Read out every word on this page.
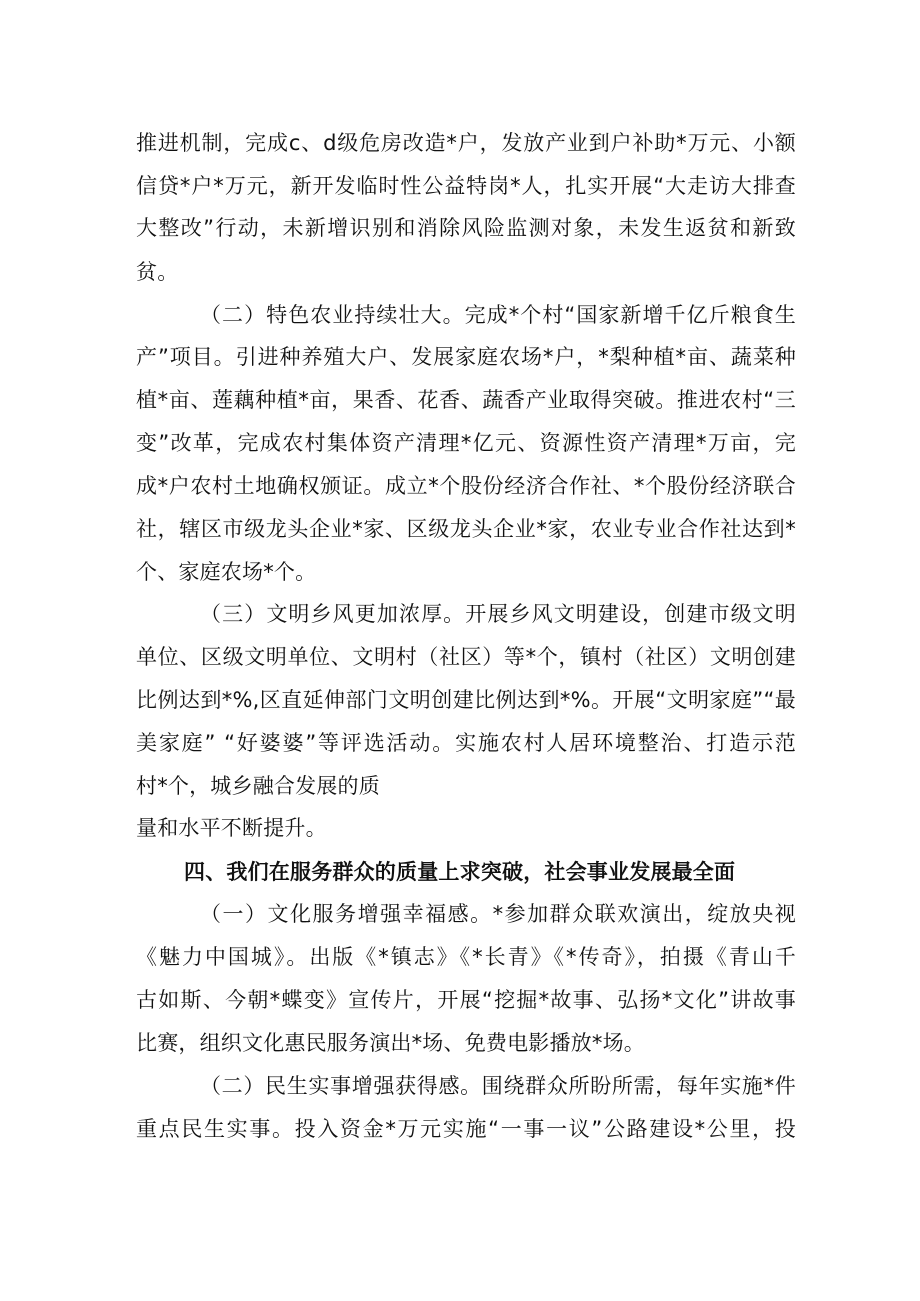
推进机制，完成c、d级危房改造*户，发放产业到户补助*万元、小额
信贷*户*万元，新开发临时性公益特岗*人，扎实开展“大走访大排查
大整改”行动，未新增识别和消除风险监测对象，未发生返贫和新致
贫。
（二）特色农业持续壮大。完成*个村“国家新增千亿斤粮食生
产”项目。引进种养殖大户、发展家庭农场*户，*梨种植*亩、蔬菜种
植*亩、莲藕种植*亩，果香、花香、蔬香产业取得突破。推进农村“三
变”改革，完成农村集体资产清理*亿元、资源性资产清理*万亩，完
成*户农村土地确权颁证。成立*个股份经济合作社、*个股份经济联合
社，辖区市级龙头企业*家、区级龙头企业*家，农业专业合作社达到*
个、家庭农场*个。
（三）文明乡风更加浓厚。开展乡风文明建设，创建市级文明
单位、区级文明单位、文明村（社区）等*个，镇村（社区）文明创建
比例达到*%,区直延伸部门文明创建比例达到*%。开展“文明家庭”“最
美家庭” “好婆婆”等评选活动。实施农村人居环境整治、打造示范
村*个，城乡融合发展的质
量和水平不断提升。
四、我们在服务群众的质量上求突破，社会事业发展最全面
（一）文化服务增强幸福感。*参加群众联欢演出，绽放央视
《魅力中国城》。出版《*镇志》《*长青》《*传奇》，拍摄《青山千
古如斯、今朝*蝶变》宣传片，开展“挖掘*故事、弘扬*文化”讲故事
比赛，组织文化惠民服务演出*场、免费电影播放*场。
（二）民生实事增强获得感。围绕群众所盼所需，每年实施*件
重点民生实事。投入资金*万元实施“一事一议”公路建设*公里，投
